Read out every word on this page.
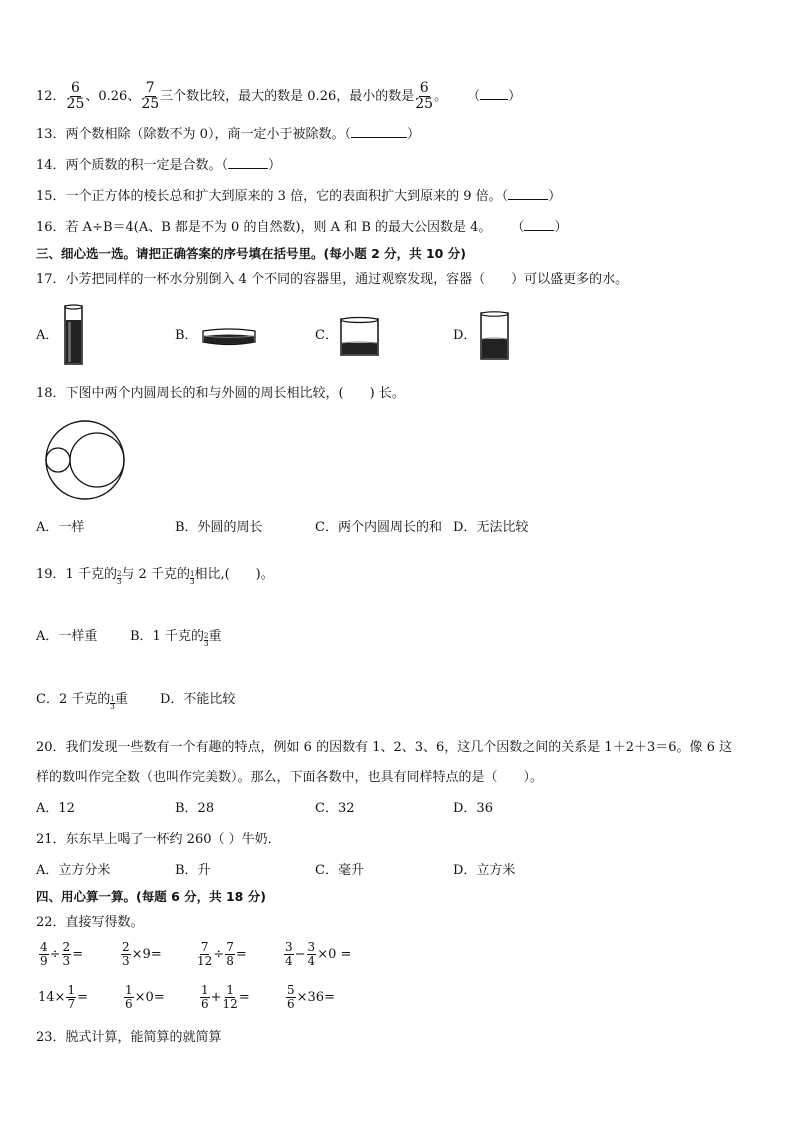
12． $\frac{6}{25}$ 、0.26、 $\frac{7}{25}$ 三个数比较，最大的数是 0.26，最小的数是 $\frac{6}{25}$ 。 （ ）
13．两个数相除（除数不为 0），商一定小于被除数。（	）
14．两个质数的积一定是合数。（	）
15．一个正方体的棱长总和扩大到原来的 3 倍，它的表面积扩大到原来的 9 倍。（	）
16．若 A÷B＝4(A、B 都是不为 0 的自然数)，则 A 和 B 的最大公因数是 4。 （ ）
三、细心选一选。请把正确答案的序号填在括号里。(每小题 2 分，共 10 分)
17．小芳把同样的一杯水分别倒入 4 个不同的容器里，通过观察发现，容器（　　）可以盛更多的水。
A．	B．	C．	D．
18．下图中两个内圆周长的和与外圆的周长相比较，(　　) 长。
A．一样	B．外圆的周长	C．两个内圆周长的和 D．无法比较
19．1 千克的 $\frac{2}{3}$ 与 2 千克的 $\frac{1}{3}$ 相比,(　　)。
A．一样重	B．1 千克的 $\frac{2}{3}$ 重
C．2 千克的 $\frac{1}{3}$ 重 D．不能比较
20．我们发现一些数有一个有趣的特点，例如 6 的因数有 1、2、3、6，这几个因数之间的关系是 1＋2＋3＝6。像 6 这
样的数叫作完全数（也叫作完美数）。那么，下面各数中，也具有同样特点的是（　　）。
A．12	B．28	C．32	D．36
21．东东早上喝了一杯约 260（ ）牛奶．
A．立方分米	B．升	C．毫升	D．立方米
四、用心算一算。(每题 6 分，共 18 分)
22．直接写得数。
$\frac{4}{9} \div \frac{2}{3}$ =	$\frac{2}{3} \times 9$ =	$\frac{7}{12} \div \frac{7}{8}$ =	$\frac{3}{4} - \frac{3}{4} \times 0$ =
$14\times \frac{1}{7}$ =	$\frac{1}{6} \times 0$ =	$\frac{1}{6} + \frac{1}{12}$ =	$\frac{5}{6} \times 36$ =
23．脱式计算，能简算的就简算
